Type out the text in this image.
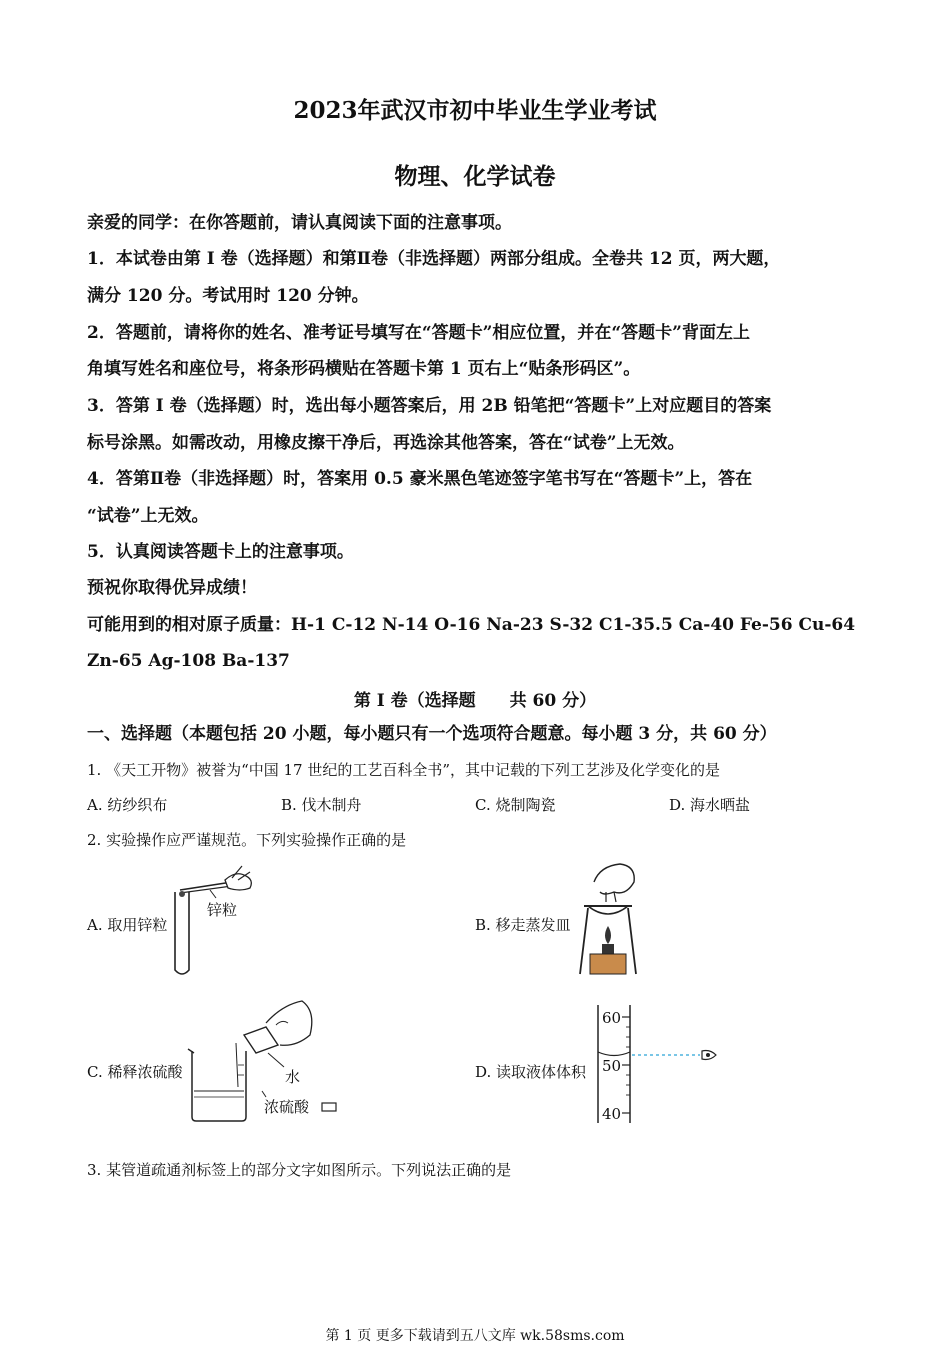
2023年武汉市初中毕业生学业考试
物理、化学试卷
亲爱的同学：在你答题前，请认真阅读下面的注意事项。
1．本试卷由第 I 卷（选择题）和第Ⅱ卷（非选择题）两部分组成。全卷共 12 页，两大题，
满分 120 分。考试用时 120 分钟。
2．答题前，请将你的姓名、准考证号填写在“答题卡”相应位置，并在“答题卡”背面左上
角填写姓名和座位号，将条形码横贴在答题卡第 1 页右上“贴条形码区”。
3．答第 I 卷（选择题）时，选出每小题答案后，用 2B 铅笔把“答题卡”上对应题目的答案
标号涂黑。如需改动，用橡皮擦干净后，再选涂其他答案，答在“试卷”上无效。
4．答第Ⅱ卷（非选择题）时，答案用 0.5 豪米黑色笔迹签字笔书写在“答题卡”上，答在
“试卷”上无效。
5．认真阅读答题卡上的注意事项。
预祝你取得优异成绩！
可能用到的相对原子质量：H-1 C-12 N-14 O-16 Na-23 S-32 C1-35.5 Ca-40 Fe-56 Cu-64
Zn-65 Ag-108 Ba-137
第 I 卷（选择题　　共 60 分）
一、选择题（本题包括 20 小题，每小题只有一个选项符合题意。每小题 3 分，共 60 分）
1. 《天工开物》被誉为“中国 17 世纪的工艺百科全书”，其中记载的下列工艺涉及化学变化的是
A. 纺纱织布	B. 伐木制舟	C. 烧制陶瓷	D. 海水晒盐
2. 实验操作应严谨规范。下列实验操作正确的是
A. 取用锌粒
锌粒
B. 移走蒸发皿
C. 稀释浓硫酸	水
浓硫酸
D. 读取液体体积
60
50
40
3. 某管道疏通剂标签上的部分文字如图所示。下列说法正确的是
第 1 页 更多下载请到五八文库 wk.58sms.com
